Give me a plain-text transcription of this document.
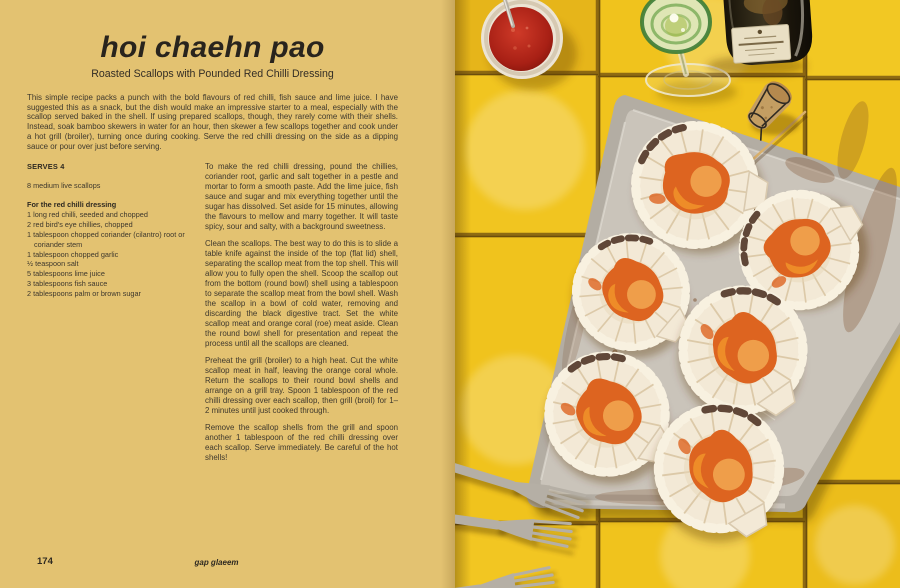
hoi chaehn pao
Roasted Scallops with Pounded Red Chilli Dressing

This simple recipe packs a punch with the bold flavours of red chilli, fish sauce and lime juice. I have suggested this as a snack, but the dish would make an impressive starter to a meal, especially with the scallop served baked in the shell. If using prepared scallops, though, they rarely come with their shells. Instead, soak bamboo skewers in water for an hour, then skewer a few scallops together and cook under a hot grill (broiler), turning once during cooking. Serve the red chilli dressing on the side as a dipping sauce or pour over just before serving.

SERVES 4

8 medium live scallops

For the red chilli dressing

1 long red chilli, seeded and chopped
2 red bird's eye chillies, chopped
1 tablespoon chopped coriander (cilantro) root or coriander stem
1 tablespoon chopped garlic
½ teaspoon salt
5 tablespoons lime juice
3 tablespoons fish sauce
2 tablespoons palm or brown sugar

To make the red chilli dressing, pound the chillies, coriander root, garlic and salt together in a pestle and mortar to form a smooth paste. Add the lime juice, fish sauce and sugar and mix everything together until the sugar has dissolved. Set aside for 15 minutes, allowing the flavours to mellow and marry together. It will taste spicy, sour and salty, with a background sweetness.

Clean the scallops. The best way to do this is to slide a table knife against the inside of the top (flat lid) shell, separating the scallop meat from the top shell. This will allow you to fully open the shell. Scoop the scallop out from the bottom (round bowl) shell using a tablespoon to separate the scallop meat from the bowl shell. Wash the scallop in a bowl of cold water, removing and discarding the black digestive tract. Set the white scallop meat and orange coral (roe) meat aside. Clean the round bowl shell for presentation and repeat the process until all the scallops are cleaned.

Preheat the grill (broiler) to a high heat. Cut the white scallop meat in half, leaving the orange coral whole. Return the scallops to their round bowl shells and arrange on a grill tray. Spoon 1 tablespoon of the red chilli dressing over each scallop, then grill (broil) for 1–2 minutes until just cooked through.

Remove the scallop shells from the grill and spoon another 1 tablespoon of the red chilli dressing over each scallop. Serve immediately. Be careful of the hot shells!

174	gap glaeem
